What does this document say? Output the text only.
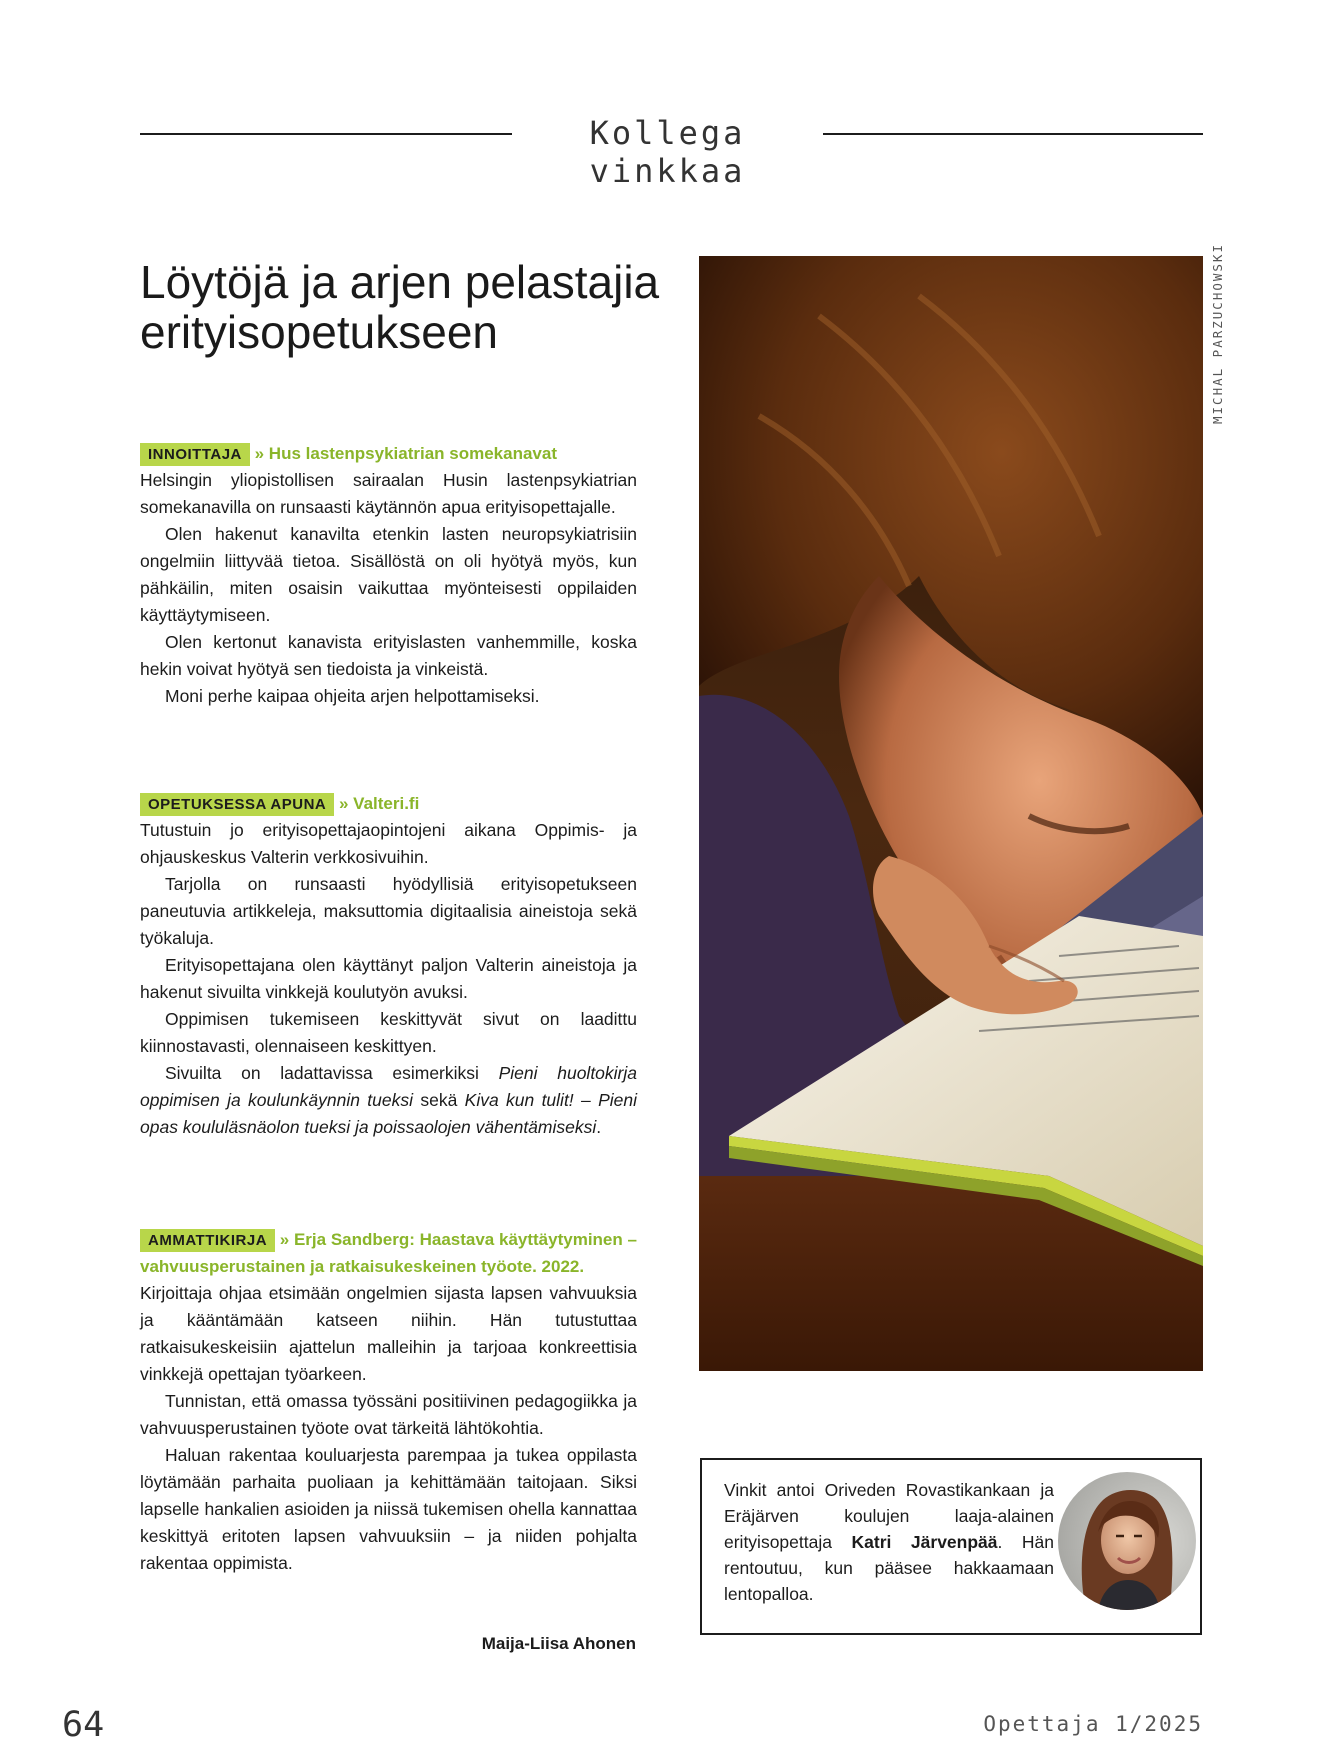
Kollega vinkkaa
Löytöjä ja arjen pelastajia erityisopetukseen

INNOITTAJA » Hus lastenpsykiatrian somekanavat

Helsingin yliopistollisen sairaalan Husin lastenpsykiatrian somekanavilla on runsaasti käytännön apua erityisopettajalle.

Olen hakenut kanavilta etenkin lasten neuropsykiatrisiin ongelmiin liittyvää tietoa. Sisällöstä on oli hyötyä myös, kun pähkäilin, miten osaisin vaikuttaa myönteisesti oppilaiden käyttäytymiseen.

Olen kertonut kanavista erityislasten vanhemmille, koska hekin voivat hyötyä sen tiedoista ja vinkeistä.

Moni perhe kaipaa ohjeita arjen helpottamiseksi.

OPETUKSESSA APUNA » Valteri.fi

Tutustuin jo erityisopettajaopintojeni aikana Oppimis- ja ohjauskeskus Valterin verkkosivuihin.

Tarjolla on runsaasti hyödyllisiä erityisopetukseen paneutuvia artikkeleja, maksuttomia digitaalisia aineistoja sekä työkaluja.

Erityisopettajana olen käyttänyt paljon Valterin aineistoja ja hakenut sivuilta vinkkejä koulutyön avuksi.

Oppimisen tukemiseen keskittyvät sivut on laadittu kiinnostavasti, olennaiseen keskittyen.

Sivuilta on ladattavissa esimerkiksi Pieni huoltokirja oppimisen ja koulunkäynnin tueksi sekä Kiva kun tulit! – Pieni opas koululäsnäolon tueksi ja poissaolojen vähentämiseksi.

AMMATTIKIRJA » Erja Sandberg: Haastava käyttäytyminen – vahvuusperustainen ja ratkaisukeskeinen työote. 2022.

Kirjoittaja ohjaa etsimään ongelmien sijasta lapsen vahvuuksia ja kääntämään katseen niihin. Hän tutustuttaa ratkaisukeskeisiin ajattelun malleihin ja tarjoaa konkreettisia vinkkejä opettajan työarkeen.

Tunnistan, että omassa työssäni positiivinen pedagogiikka ja vahvuusperustainen työote ovat tärkeitä lähtökohtia.

Haluan rakentaa kouluarjesta parempaa ja tukea oppilasta löytämään parhaita puoliaan ja kehittämään taitojaan. Siksi lapselle hankalien asioiden ja niissä tukemisen ohella kannattaa keskittyä eritoten lapsen vahvuuksiin – ja niiden pohjalta rakentaa oppimista.

Maija-Liisa Ahonen
MICHAL PARZUCHOWSKI

Vinkit antoi Oriveden Rovastikankaan ja Eräjärven koulujen laaja-alainen erityisopettaja Katri Järvenpää. Hän rentoutuu, kun pääsee hakkaamaan lentopalloa.

64	Opettaja 1/2025
